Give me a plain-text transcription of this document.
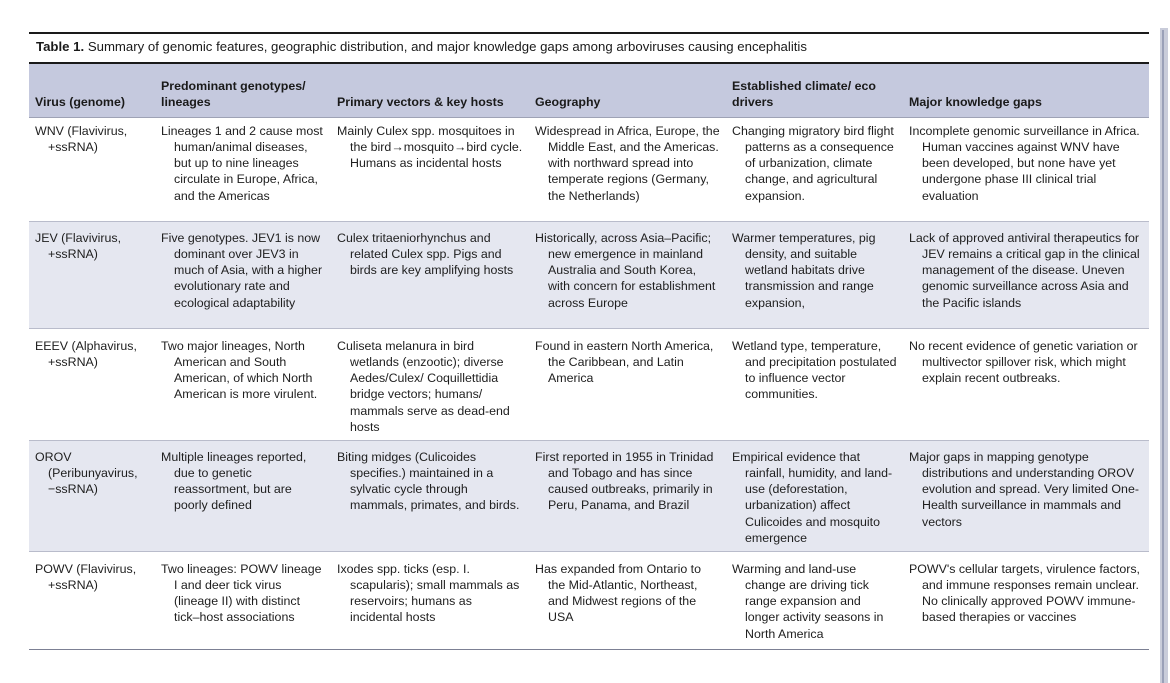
Table 1. Summary of genomic features, geographic distribution, and major knowledge gaps among arboviruses causing encephalitis
Virus (genome)	Predominant genotypes/ lineages	Primary vectors & key hosts	Geography	Established climate/ eco drivers	Major knowledge gaps

WNV (Flavivirus, +ssRNA)	Lineages 1 and 2 cause most human/animal diseases, but up to nine lineages circulate in Europe, Africa, and the Americas	Mainly Culex spp. mosquitoes in the bird→mosquito→bird cycle. Humans as incidental hosts	Widespread in Africa, Europe, the Middle East, and the Americas. with northward spread into temperate regions (Germany, the Netherlands)	Changing migratory bird flight patterns as a consequence of urbanization, climate change, and agricultural expansion.	Incomplete genomic surveillance in Africa. Human vaccines against WNV have been developed, but none have yet undergone phase III clinical trial evaluation

JEV (Flavivirus, +ssRNA)	Five genotypes. JEV1 is now dominant over JEV3 in much of Asia, with a higher evolutionary rate and ecological adaptability	Culex tritaeniorhynchus and related Culex spp. Pigs and birds are key amplifying hosts	Historically, across Asia–Pacific; new emergence in mainland Australia and South Korea, with concern for establishment across Europe	Warmer temperatures, pig density, and suitable wetland habitats drive transmission and range expansion,	Lack of approved antiviral therapeutics for JEV remains a critical gap in the clinical management of the disease. Uneven genomic surveillance across Asia and the Pacific islands

EEEV (Alphavirus, +ssRNA)	Two major lineages, North American and South American, of which North American is more virulent.	Culiseta melanura in bird wetlands (enzootic); diverse Aedes/Culex/ Coquillettidia bridge vectors; humans/ mammals serve as dead-end hosts	Found in eastern North America, the Caribbean, and Latin America	Wetland type, temperature, and precipitation postulated to influence vector communities.	No recent evidence of genetic variation or multivector spillover risk, which might explain recent outbreaks.

OROV (Peribunyavirus, −ssRNA)	Multiple lineages reported, due to genetic reassortment, but are poorly defined	Biting midges (Culicoides specifies.) maintained in a sylvatic cycle through mammals, primates, and birds.	First reported in 1955 in Trinidad and Tobago and has since caused outbreaks, primarily in Peru, Panama, and Brazil	Empirical evidence that rainfall, humidity, and land-use (deforestation, urbanization) affect Culicoides and mosquito emergence	Major gaps in mapping genotype distributions and understanding OROV evolution and spread. Very limited One-Health surveillance in mammals and vectors

POWV (Flavivirus, +ssRNA)	Two lineages: POWV lineage I and deer tick virus (lineage II) with distinct tick–host associations	Ixodes spp. ticks (esp. I. scapularis); small mammals as reservoirs; humans as incidental hosts	Has expanded from Ontario to the Mid-Atlantic, Northeast, and Midwest regions of the USA	Warming and land-use change are driving tick range expansion and longer activity seasons in North America	POWV's cellular targets, virulence factors, and immune responses remain unclear. No clinically approved POWV immune-based therapies or vaccines
